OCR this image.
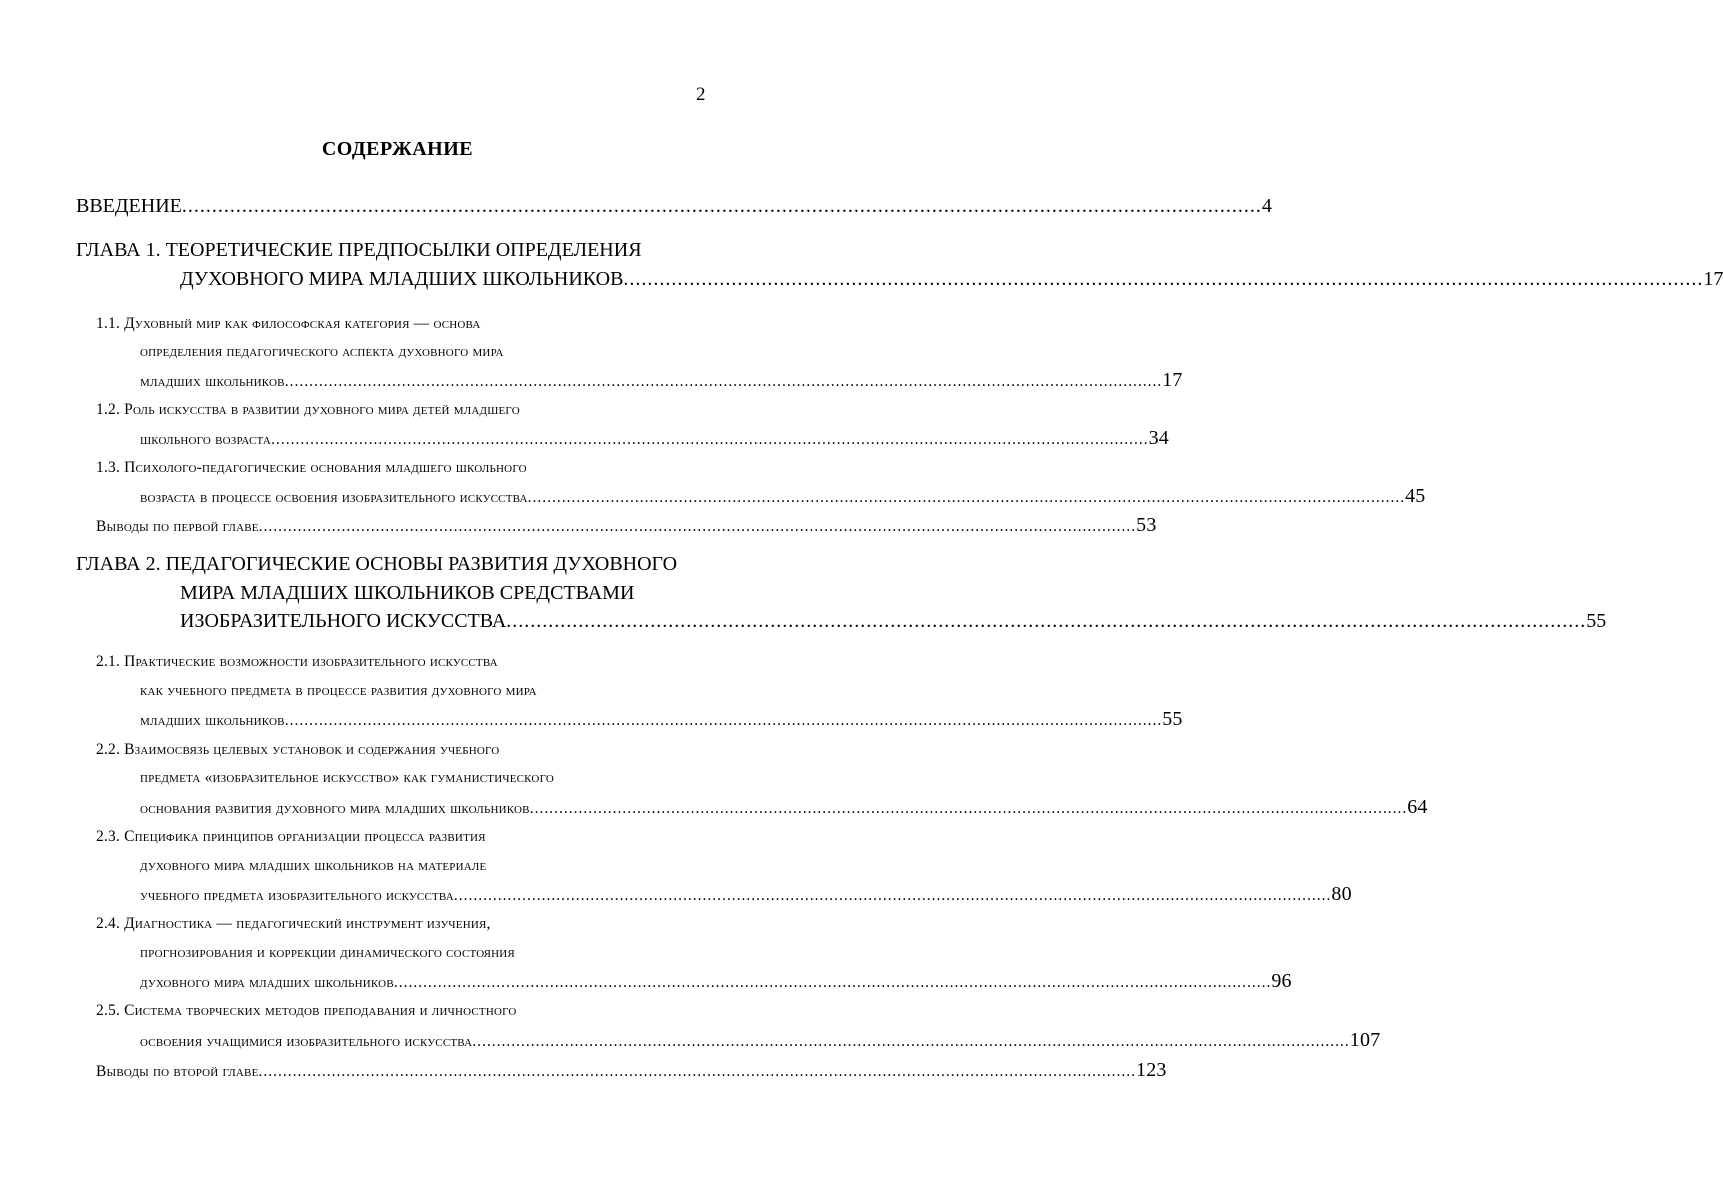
2
СОДЕРЖАНИЕ
ВВЕДЕНИЕ .................................................................................................................................................................................... 4
ГЛАВА 1. ТЕОРЕТИЧЕСКИЕ ПРЕДПОСЫЛКИ ОПРЕДЕЛЕНИЯ
ДУХОВНОГО МИРА МЛАДШИХ ШКОЛЬНИКОВ .................................................................................................................................................................................... 17
1.1. Духовный мир как философская категория — основа
определения педагогического аспекта духовного мира
младших школьников .................................................................................................................................................................................... 17
1.2. Роль искусства в развитии духовного мира детей младшего
школьного возраста .................................................................................................................................................................................... 34
1.3. Психолого-педагогические основания младшего школьного
возраста в процессе освоения изобразительного искусства .................................................................................................................................................................................... 45
Выводы по первой главе .................................................................................................................................................................................... 53
ГЛАВА 2. ПЕДАГОГИЧЕСКИЕ ОСНОВЫ РАЗВИТИЯ ДУХОВНОГО
МИРА МЛАДШИХ ШКОЛЬНИКОВ СРЕДСТВАМИ
ИЗОБРАЗИТЕЛЬНОГО ИСКУССТВА .................................................................................................................................................................................... 55
2.1. Практические возможности изобразительного искусства
как учебного предмета в процессе развития духовного мира
младших школьников .................................................................................................................................................................................... 55
2.2. Взаимосвязь целевых установок и содержания учебного
предмета «изобразительное искусство» как гуманистического
основания развития духовного мира младших школьников .................................................................................................................................................................................... 64
2.3. Специфика принципов организации процесса развития
духовного мира младших школьников на материале
учебного предмета изобразительного искусства .................................................................................................................................................................................... 80
2.4. Диагностика — педагогический инструмент изучения,
прогнозирования и коррекции динамического состояния
духовного мира младших школьников .................................................................................................................................................................................... 96
2.5. Система творческих методов преподавания и личностного
освоения учащимися изобразительного искусства .................................................................................................................................................................................... 107
Выводы по второй главе .................................................................................................................................................................................... 123
